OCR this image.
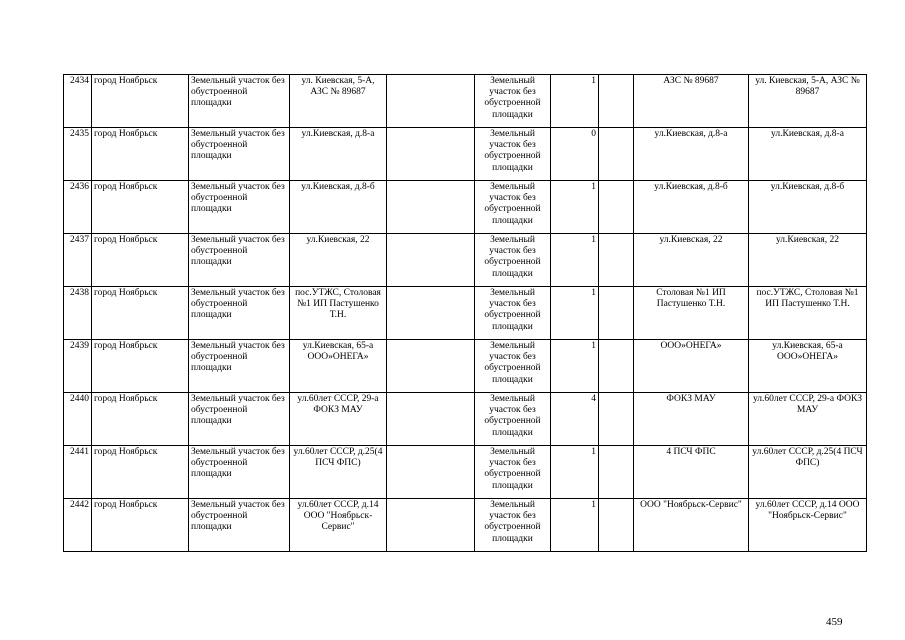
2434	город Ноябрьск	Земельный участок без обустроенной площадки	ул. Киевская, 5-А, АЗС № 89687		Земельный участок без обустроенной площадки	1		АЗС № 89687	ул. Киевская, 5-А, АЗС № 89687
2435	город Ноябрьск	Земельный участок без обустроенной площадки	ул.Киевская, д.8-а		Земельный участок без обустроенной площадки	0		ул.Киевская, д.8-а	ул.Киевская, д.8-а
2436	город Ноябрьск	Земельный участок без обустроенной площадки	ул.Киевская, д.8-б		Земельный участок без обустроенной площадки	1		ул.Киевская, д.8-б	ул.Киевская, д.8-б
2437	город Ноябрьск	Земельный участок без обустроенной площадки	ул.Киевская, 22		Земельный участок без обустроенной площадки	1		ул.Киевская, 22	ул.Киевская, 22
2438	город Ноябрьск	Земельный участок без обустроенной площадки	пос.УТЖС, Столовая №1 ИП Пастушенко Т.Н.		Земельный участок без обустроенной площадки	1		Столовая №1 ИП Пастушенко Т.Н.	пос.УТЖС, Столовая №1 ИП Пастушенко Т.Н.
2439	город Ноябрьск	Земельный участок без обустроенной площадки	ул.Киевская, 65-а ООО»ОНЕГА»		Земельный участок без обустроенной площадки	1		ООО»ОНЕГА»	ул.Киевская, 65-а ООО»ОНЕГА»
2440	город Ноябрьск	Земельный участок без обустроенной площадки	ул.60лет СССР, 29-а ФОКЗ МАУ		Земельный участок без обустроенной площадки	4		ФОКЗ МАУ	ул.60лет СССР, 29-а ФОКЗ МАУ
2441	город Ноябрьск	Земельный участок без обустроенной площадки	ул.60лет СССР, д.25(4 ПСЧ ФПС)		Земельный участок без обустроенной площадки	1		4 ПСЧ ФПС	ул.60лет СССР, д.25(4 ПСЧ ФПС)
2442	город Ноябрьск	Земельный участок без обустроенной площадки	ул.60лет СССР, д.14 ООО "Ноябрьск-Сервис"		Земельный участок без обустроенной площадки	1		ООО "Ноябрьск-Сервис"	ул.60лет СССР, д.14 ООО "Ноябрьск-Сервис"
459
